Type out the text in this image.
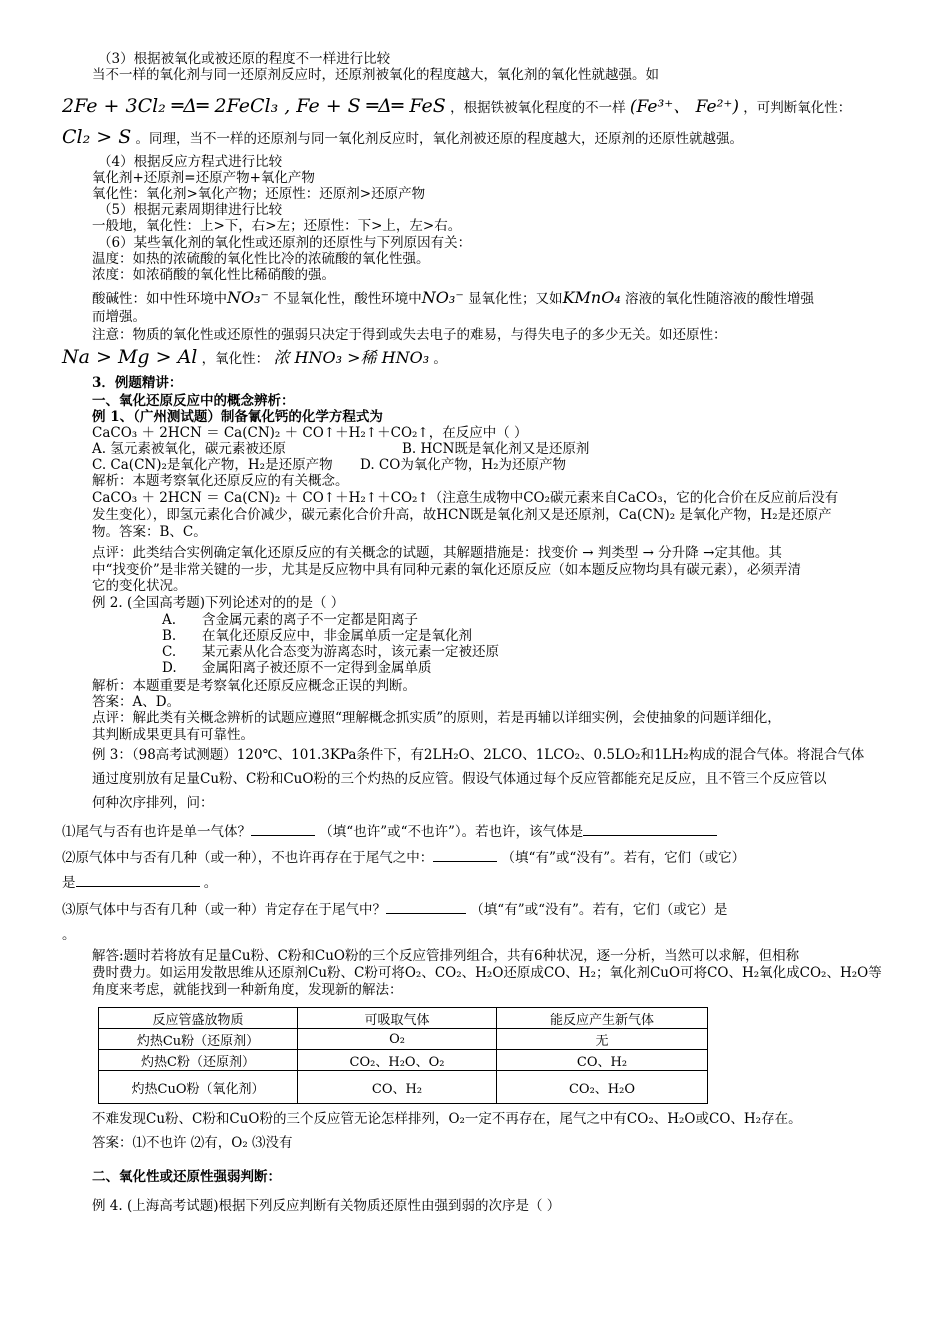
（3）根据被氧化或被还原的程度不一样进行比较
当不一样的氧化剂与同一还原剂反应时，还原剂被氧化的程度越大，氧化剂的氧化性就越强。如
2Fe + 3Cl₂ ═Δ═ 2FeCl₃ , Fe + S ═Δ═ FeS ，根据铁被氧化程度的不一样 (Fe³⁺、 Fe²⁺) ，可判断氧化性：
Cl₂ > S 。同理，当不一样的还原剂与同一氧化剂反应时，氧化剂被还原的程度越大，还原剂的还原性就越强。
（4）根据反应方程式进行比较
氧化剂+还原剂=还原产物+氧化产物
氧化性：氧化剂>氧化产物；还原性：还原剂>还原产物
（5）根据元素周期律进行比较
一般地，氧化性：上>下，右>左；还原性：下>上，左>右。
（6）某些氧化剂的氧化性或还原剂的还原性与下列原因有关：
温度：如热的浓硫酸的氧化性比冷的浓硫酸的氧化性强。
浓度：如浓硝酸的氧化性比稀硝酸的强。
酸碱性：如中性环境中NO₃⁻ 不显氧化性，酸性环境中NO₃⁻ 显氧化性；又如KMnO₄ 溶液的氧化性随溶液的酸性增强
而增强。
注意：物质的氧化性或还原性的强弱只决定于得到或失去电子的难易，与得失电子的多少无关。如还原性：
Na > Mg > Al ，氧化性： 浓 HNO₃ >稀 HNO₃ 。
3．例题精讲：
一、氧化还原反应中的概念辨析：
例 1、（广州测试题）制备氰化钙的化学方程式为
CaCO₃ ＋ 2HCN ＝ Ca(CN)₂ ＋ CO↑＋H₂↑＋CO₂↑，在反应中（ ）
A. 氢元素被氧化，碳元素被还原	B. HCN既是氧化剂又是还原剂
C. Ca(CN)₂是氧化产物，H₂是还原产物 D. CO为氧化产物，H₂为还原产物
解析：本题考察氧化还原反应的有关概念。
CaCO₃ ＋ 2HCN ＝ Ca(CN)₂ ＋ CO↑＋H₂↑＋CO₂↑（注意生成物中CO₂碳元素来自CaCO₃，它的化合价在反应前后没有
发生变化），即氢元素化合价减少，碳元素化合价升高，故HCN既是氧化剂又是还原剂，Ca(CN)₂ 是氧化产物，H₂是还原产
物。答案：B、C。
点评：此类结合实例确定氧化还原反应的有关概念的试题，其解题措施是：找变价 → 判类型 → 分升降 →定其他。其
中“找变价”是非常关键的一步，尤其是反应物中具有同种元素的氧化还原反应（如本题反应物均具有碳元素），必须弄清
它的变化状况。
例 2. (全国高考题)下列论述对的的是（ ）
A. 含金属元素的离子不一定都是阳离子
B. 在氧化还原反应中，非金属单质一定是氧化剂
C. 某元素从化合态变为游离态时，该元素一定被还原
D. 金属阳离子被还原不一定得到金属单质
解析：本题重要是考察氧化还原反应概念正误的判断。
答案：A、D。
点评：解此类有关概念辨析的试题应遵照“理解概念抓实质”的原则，若是再辅以详细实例，会使抽象的问题详细化，
其判断成果更具有可靠性。
例 3：（98高考试测题）120℃、101.3KPa条件下，有2LH₂O、2LCO、1LCO₂、0.5LO₂和1LH₂构成的混合气体。将混合气体
通过度别放有足量Cu粉、C粉和CuO粉的三个灼热的反应管。假设气体通过每个反应管都能充足反应，且不管三个反应管以
何种次序排列，问：
⑴尾气与否有也许是单一气体？	（填“也许”或“不也许”）。若也许，该气体是
⑵原气体中与否有几种（或一种），不也许再存在于尾气之中：	（填“有”或“没有”。若有，它们（或它）
是	。
⑶原气体中与否有几种（或一种）肯定存在于尾气中？	（填“有”或“没有”。若有，它们（或它）是
。
解答:题时若将放有足量Cu粉、C粉和CuO粉的三个反应管排列组合，共有6种状况，逐一分析，当然可以求解，但相称
费时费力。如运用发散思维从还原剂Cu粉、C粉可将O₂、CO₂、H₂O还原成CO、H₂；氧化剂CuO可将CO、H₂氧化成CO₂、H₂O等
角度来考虑，就能找到一种新角度，发现新的解法：
反应管盛放物质	可吸取气体	能反应产生新气体
灼热Cu粉（还原剂）	O₂	无
灼热C粉（还原剂）	CO₂、H₂O、O₂	CO、H₂
灼热CuO粉（氧化剂）	CO、H₂	CO₂、H₂O
不难发现Cu粉、C粉和CuO粉的三个反应管无论怎样排列，O₂一定不再存在，尾气之中有CO₂、H₂O或CO、H₂存在。
答案：⑴不也许 ⑵有，O₂ ⑶没有
二、氧化性或还原性强弱判断：
例 4. (上海高考试题)根据下列反应判断有关物质还原性由强到弱的次序是（ ）
